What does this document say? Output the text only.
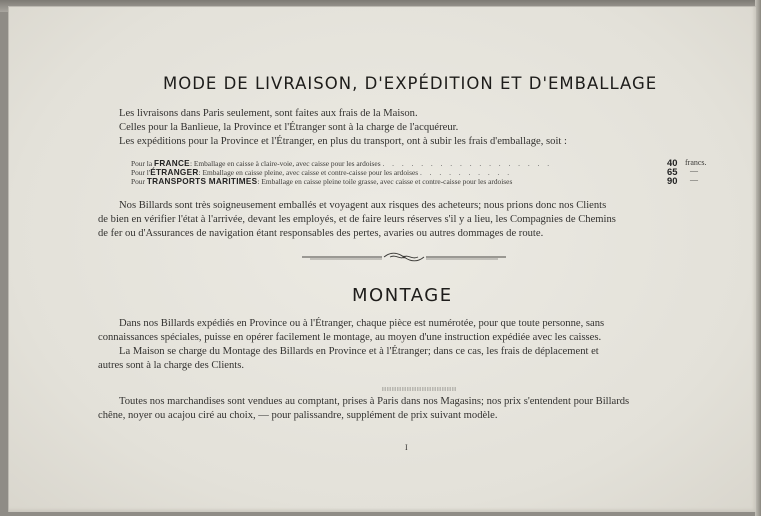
MODE DE LIVRAISON, D'EXPÉDITION ET D'EMBALLAGE
Les livraisons dans Paris seulement, sont faites aux frais de la Maison.
Celles pour la Banlieue, la Province et l'Étranger sont à la charge de l'acquéreur.
Les expéditions pour la Province et l'Étranger, en plus du transport, ont à subir les frais d'emballage, soit :
Pour la FRANCE: Emballage en caisse à claire-voie, avec caisse pour les ardoises . . . . . . . . . . . . . . . . . .	40 francs.
Pour l'ÉTRANGER: Emballage en caisse pleine, avec caisse et contre-caisse pour les ardoises . . . . . . . . . .	65 —
Pour TRANSPORTS MARITIMES: Emballage en caisse pleine toile grasse, avec caisse et contre-caisse pour les ardoises	90 —
Nos Billards sont très soigneusement emballés et voyagent aux risques des acheteurs; nous prions donc nos Clients
de bien en vérifier l'état à l'arrivée, devant les employés, et de faire leurs réserves s'il y a lieu, les Compagnies de Chemins
de fer ou d'Assurances de navigation étant responsables des pertes, avaries ou autres dommages de route.
MONTAGE
Dans nos Billards expédiés en Province ou à l'Étranger, chaque pièce est numérotée, pour que toute personne, sans
connaissances spéciales, puisse en opérer facilement le montage, au moyen d'une instruction expédiée avec les caisses.
La Maison se charge du Montage des Billards en Province et à l'Étranger; dans ce cas, les frais de déplacement et
autres sont à la charge des Clients.
Toutes nos marchandises sont vendues au comptant, prises à Paris dans nos Magasins; nos prix s'entendent pour Billards
chêne, noyer ou acajou ciré au choix, — pour palissandre, supplément de prix suivant modèle.
I
